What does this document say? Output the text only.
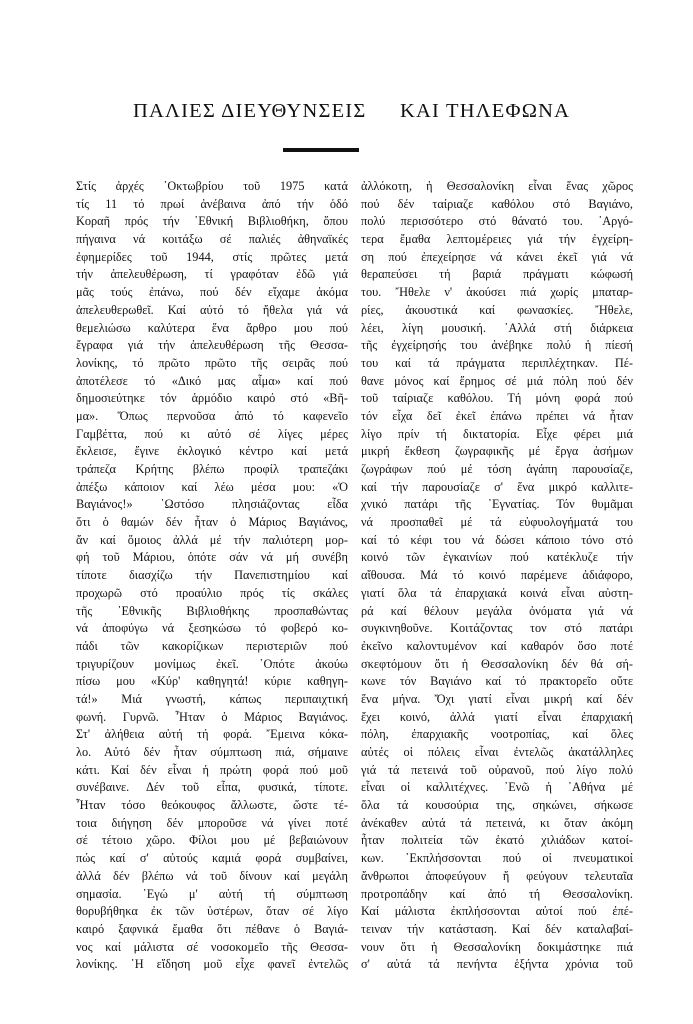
ΠΑΛΙΕΣ ΔΙΕΥΘΥΝΣΕΙΣ ΚΑΙ ΤΗΛΕΦΩΝΑ
Στίς ἀρχές ᾿Οκτωβρίου τοῦ 1975 κατά
τίς 11 τό πρωί ἀνέβαινα ἀπό τήν ὁδό
Κοραῆ πρός τήν ᾿Εθνική Βιβλιοθήκη, ὅπου
πήγαινα νά κοιτάξω σέ παλιές ἀθηναϊκές
ἐφημερίδες τοῦ 1944, στίς πρῶτες μετά
τήν ἀπελευθέρωση, τί γραφόταν ἐδῶ γιά
μᾶς τούς ἐπάνω, πού δέν εἴχαμε ἀκόμα
ἀπελευθερωθεῖ. Καί αὐτό τό ἤθελα γιά νά
θεμελιώσω καλύτερα ἕνα ἄρθρο μου πού
ἔγραφα γιά τήν ἀπελευθέρωση τῆς Θεσσα-
λονίκης, τό πρῶτο πρῶτο τῆς σειρᾶς πού
ἀποτέλεσε τό «Δικό μας αἷμα» καί πού
δημοσιεύτηκε τόν ἁρμόδιο καιρό στό «Βῆ-
μα». Ὅπως περνοῦσα ἀπό τό καφενεῖο
Γαμβέττα, πού κι αὐτό σέ λίγες μέρες
ἔκλεισε, ἔγινε ἐκλογικό κέντρο καί μετά
τράπεζα Κρήτης βλέπω προφίλ τραπεζάκι
ἀπέξω κάποιον καί λέω μέσα μου: «Ὁ
Βαγιάνος!» ῾Ωστόσο πλησιάζοντας εἶδα
ὅτι ὁ θαμών δέν ἦταν ὁ Μάριος Βαγιάνος,
ἄν καί ὅμοιος ἀλλά μέ τήν παλιότερη μορ-
φή τοῦ Μάριου, ὁπότε σάν νά μή συνέβη
τίποτε διασχίζω τήν Πανεπιστημίου καί
προχωρῶ στό προαύλιο πρός τίς σκάλες
τῆς ᾿Εθνικῆς Βιβλιοθήκης προσπαθώντας
νά ἀποφύγω νά ξεσηκώσω τό φοβερό κο-
πάδι τῶν κακορίζικων περιστεριῶν πού
τριγυρίζουν μονίμως ἐκεῖ. ῾Οπότε ἀκούω
πίσω μου «Κύρ' καθηγητά! κύριε καθηγη-
τά!» Μιά γνωστή, κάπως περιπαιχτική
φωνή. Γυρνῶ. Ἦταν ὁ Μάριος Βαγιάνος.
Στ' ἀλήθεια αὐτή τή φορά. Ἔμεινα κόκα-
λο. Αὐτό δέν ἦταν σύμπτωση πιά, σήμαινε
κάτι. Καί δέν εἶναι ἡ πρώτη φορά πού μοῦ
συνέβαινε. Δέν τοῦ εἶπα, φυσικά, τίποτε.
Ἦταν τόσο θεόκουφος ἄλλωστε, ὥστε τέ-
τοια διήγηση δέν μποροῦσε νά γίνει ποτέ
σέ τέτοιο χῶρο. Φίλοι μου μέ βεβαιώνουν
πώς καί σ' αὐτούς καμιά φορά συμβαίνει,
ἀλλά δέν βλέπω νά τοῦ δίνουν καί μεγάλη
σημασία. ᾿Εγώ μ' αὐτή τή σύμπτωση
θορυβήθηκα ἐκ τῶν ὑστέρων, ὅταν σέ λίγο
καιρό ξαφνικά ἔμαθα ὅτι πέθανε ὁ Βαγιά-
νος καί μάλιστα σέ νοσοκομεῖο τῆς Θεσσα-
λονίκης. ῾Η εἴδηση μοῦ εἶχε φανεῖ ἐντελῶς
ἀλλόκοτη, ἡ Θεσσαλονίκη εἶναι ἕνας χῶρος
πού δέν ταίριαζε καθόλου στό Βαγιάνο,
πολύ περισσότερο στό θάνατό του. ᾿Αργό-
τερα ἔμαθα λεπτομέρειες γιά τήν ἐγχείρη-
ση πού ἐπεχείρησε νά κάνει ἐκεῖ γιά νά
θεραπεύσει τή βαριά πράγματι κώφωσή
του. Ἤθελε ν' ἀκούσει πιά χωρίς μπαταρ-
ρίες, ἀκουστικά καί φωνασκίες. Ἤθελε,
λέει, λίγη μουσική. ᾿Αλλά στή διάρκεια
τῆς ἐγχείρησής του ἀνέβηκε πολύ ἡ πίεσή
του καί τά πράγματα περιπλέχτηκαν. Πέ-
θανε μόνος καί ἔρημος σέ μιά πόλη πού δέν
τοῦ ταίριαζε καθόλου. Τή μόνη φορά πού
τόν εἶχα δεῖ ἐκεῖ ἐπάνω πρέπει νά ἦταν
λίγο πρίν τή δικτατορία. Εἶχε φέρει μιά
μικρή ἔκθεση ζωγραφικῆς μέ ἔργα ἀσήμων
ζωγράφων πού μέ τόση ἀγάπη παρουσίαζε,
καί τήν παρουσίαζε σ' ἕνα μικρό καλλιτε-
χνικό πατάρι τῆς ᾿Εγνατίας. Τόν θυμᾶμαι
νά προσπαθεῖ μέ τά εὐφυολογήματά του
καί τό κέφι του νά δώσει κάποιο τόνο στό
κοινό τῶν ἐγκαινίων πού κατέκλυζε τήν
αἴθουσα. Μά τό κοινό παρέμενε ἀδιάφορο,
γιατί ὅλα τά ἐπαρχιακά κοινά εἶναι αὐστη-
ρά καί θέλουν μεγάλα ὀνόματα γιά νά
συγκινηθοῦνε. Κοιτάζοντας τον στό πατάρι
ἐκεῖνο καλοντυμένον καί καθαρόν ὅσο ποτέ
σκεφτόμουν ὅτι ἡ Θεσσαλονίκη δέν θά σή-
κωνε τόν Βαγιάνο καί τό πρακτορεῖο οὔτε
ἕνα μήνα. Ὄχι γιατί εἶναι μικρή καί δέν
ἔχει κοινό, ἀλλά γιατί εἶναι ἐπαρχιακή
πόλη, ἐπαρχιακῆς νοοτροπίας, καί ὅλες
αὐτές οἱ πόλεις εἶναι ἐντελῶς ἀκατάλληλες
γιά τά πετεινά τοῦ οὐρανοῦ, πού λίγο πολύ
εἶναι οἱ καλλιτέχνες. ᾿Ενῶ ἡ ᾿Αθήνα μέ
ὅλα τά κουσούρια της, σηκώνει, σήκωσε
ἀνέκαθεν αὐτά τά πετεινά, κι ὅταν ἀκόμη
ἦταν πολιτεία τῶν ἑκατό χιλιάδων κατοί-
κων. ᾿Εκπλήσσονται πού οἱ πνευματικοί
ἄνθρωποι ἀποφεύγουν ἤ φεύγουν τελευταῖα
προτροπάδην καί ἀπό τή Θεσσαλονίκη.
Καί μάλιστα ἐκπλήσσονται αὐτοί πού ἐπέ-
τειναν τήν κατάσταση. Καί δέν καταλαβαί-
νουν ὅτι ἡ Θεσσαλονίκη δοκιμάστηκε πιά
σ' αὐτά τά πενήντα ἑξήντα χρόνια τοῦ
